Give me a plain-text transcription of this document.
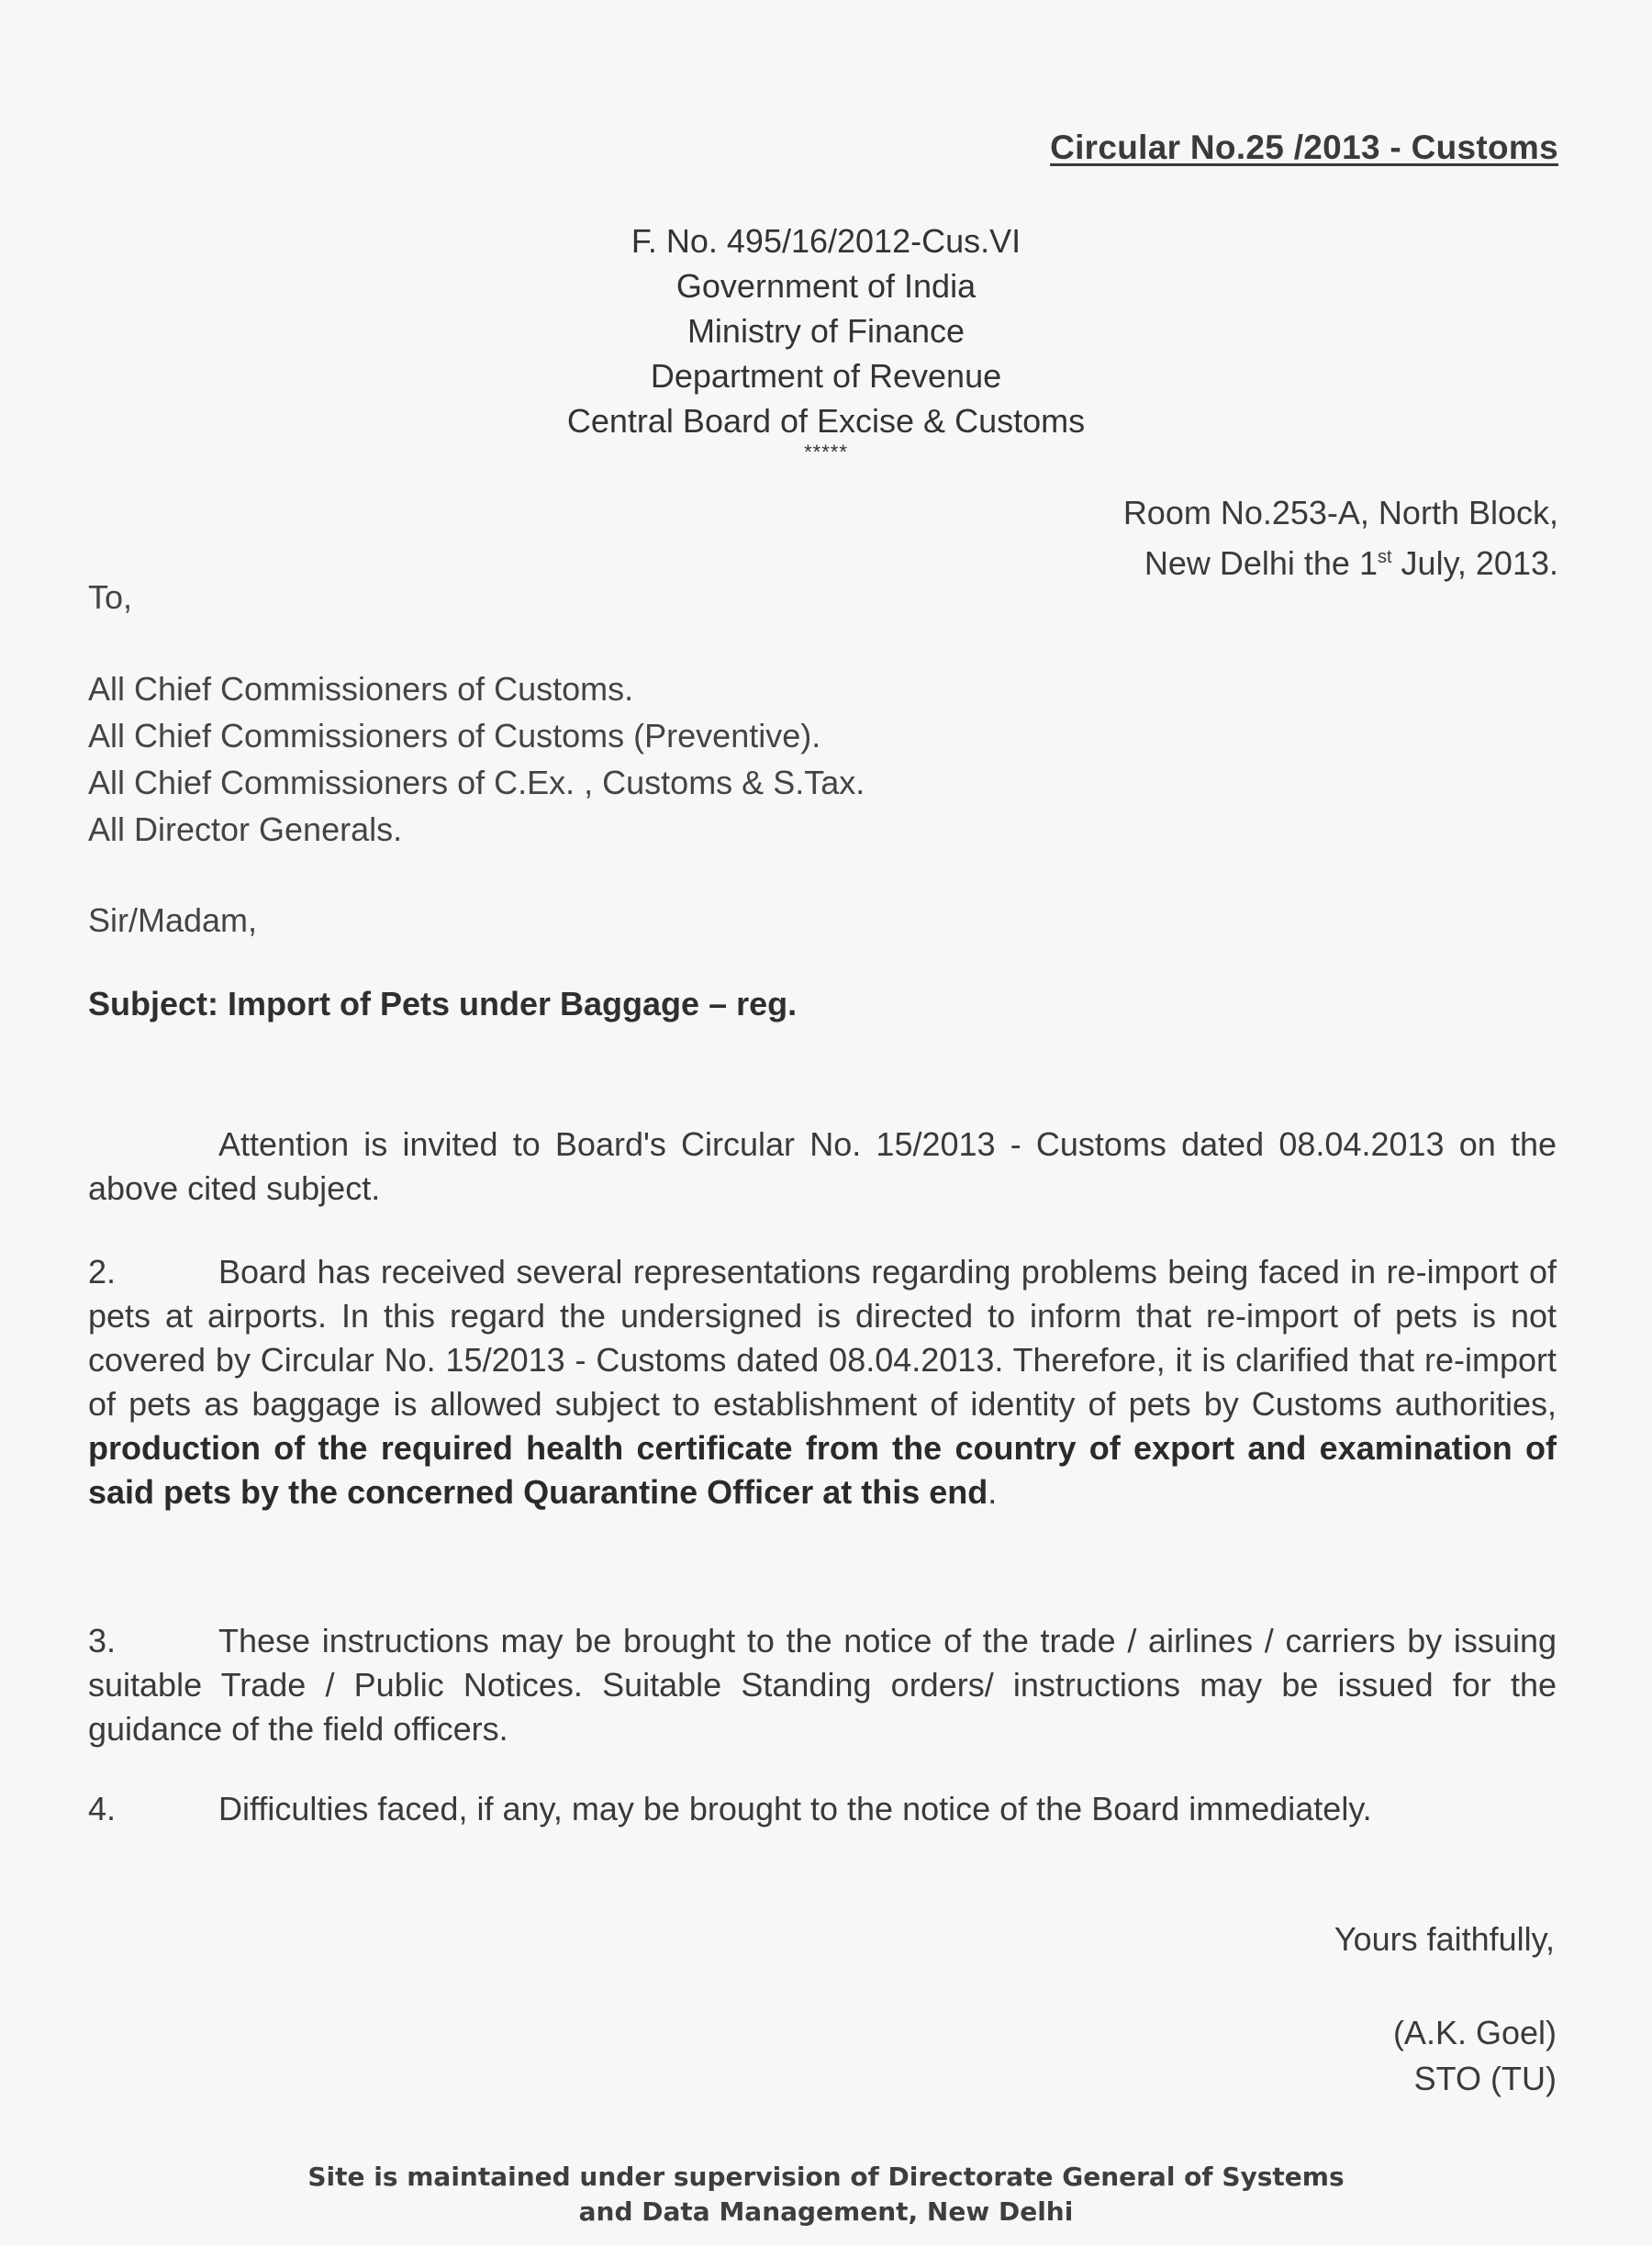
Circular No.25 /2013 - Customs
F. No. 495/16/2012-Cus.VI
Government of India
Ministry of Finance
Department of Revenue
Central Board of Excise & Customs
*****
Room No.253-A, North Block,
New Delhi the 1st July, 2013.
To,
All Chief Commissioners of Customs.
All Chief Commissioners of Customs (Preventive).
All Chief Commissioners of C.Ex. , Customs & S.Tax.
All Director Generals.
Sir/Madam,
Subject: Import of Pets under Baggage – reg.
Attention is invited to Board's Circular No. 15/2013 - Customs dated 08.04.2013 on the above cited subject.
2.	Board has received several representations regarding problems being faced in re-import of pets at airports. In this regard the undersigned is directed to inform that re-import of pets is not covered by Circular No. 15/2013 - Customs dated 08.04.2013. Therefore, it is clarified that re-import of pets as baggage is allowed subject to establishment of identity of pets by Customs authorities, production of the required health certificate from the country of export and examination of said pets by the concerned Quarantine Officer at this end.
3.	These instructions may be brought to the notice of the trade / airlines / carriers by issuing suitable Trade / Public Notices. Suitable Standing orders/ instructions may be issued for the guidance of the field officers.
4.	Difficulties faced, if any, may be brought to the notice of the Board immediately.
Yours faithfully,
(A.K. Goel)
STO (TU)
Site is maintained under supervision of Directorate General of Systems
and Data Management, New Delhi
